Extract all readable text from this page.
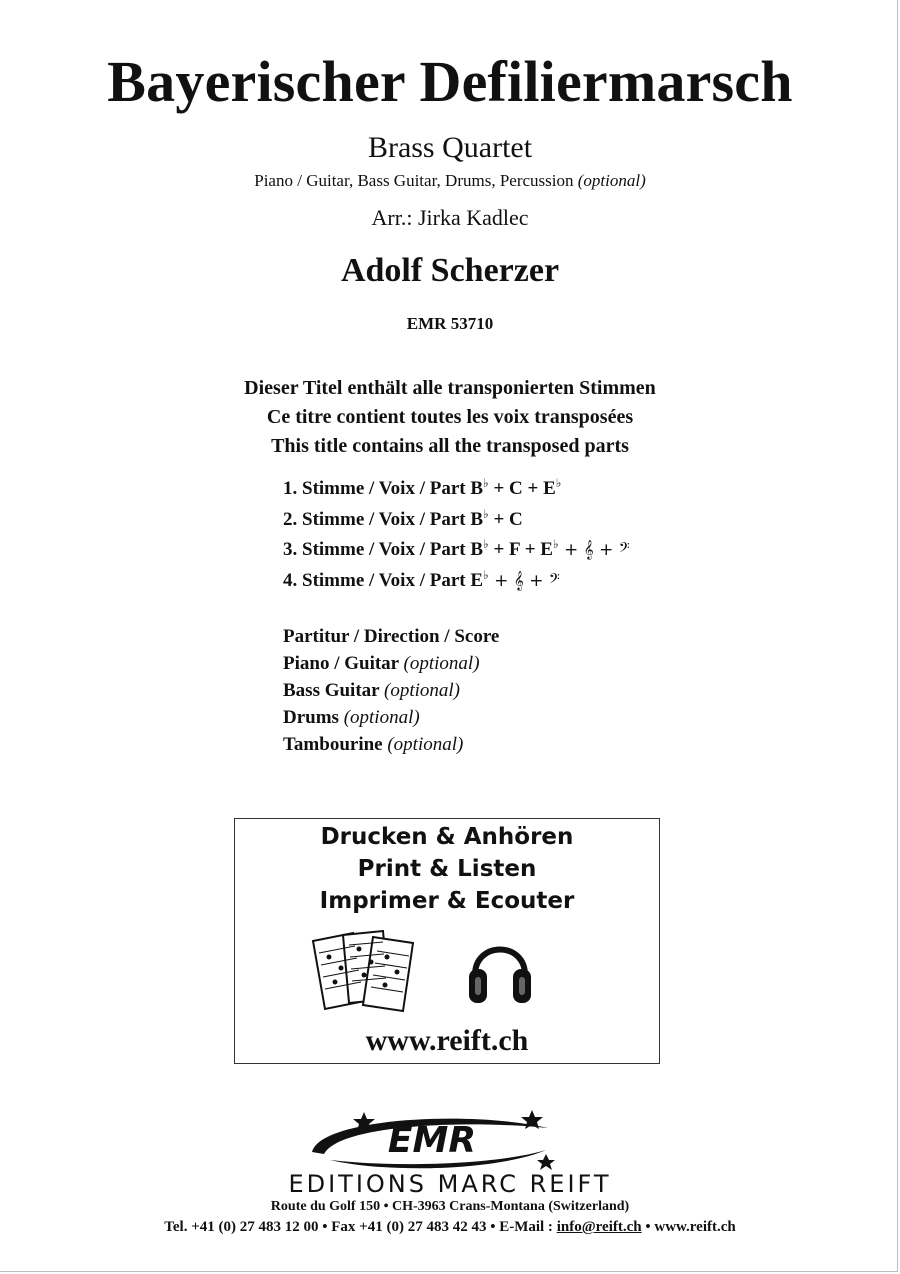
Bayerischer Defiliermarsch
Brass Quartet
Piano / Guitar, Bass Guitar, Drums, Percussion (optional)
Arr.: Jirka Kadlec
Adolf Scherzer
EMR 53710
Dieser Titel enthält alle transponierten Stimmen
Ce titre contient toutes les voix transposées
This title contains all the transposed parts
1. Stimme / Voix / Part B♭ + C + E♭
2. Stimme / Voix / Part B♭ + C
3. Stimme / Voix / Part B♭ + F + E♭ + 𝄞 + 𝄢
4. Stimme / Voix / Part E♭ + 𝄞 + 𝄢
Partitur / Direction / Score
Piano / Guitar (optional)
Bass Guitar (optional)
Drums (optional)
Tambourine (optional)
Drucken & Anhören
Print & Listen
Imprimer & Ecouter
www.reift.ch
EMR
EDITIONS MARC REIFT
Route du Golf 150 • CH-3963 Crans-Montana (Switzerland)
Tel. +41 (0) 27 483 12 00 • Fax +41 (0) 27 483 42 43 • E-Mail : info@reift.ch • www.reift.ch
